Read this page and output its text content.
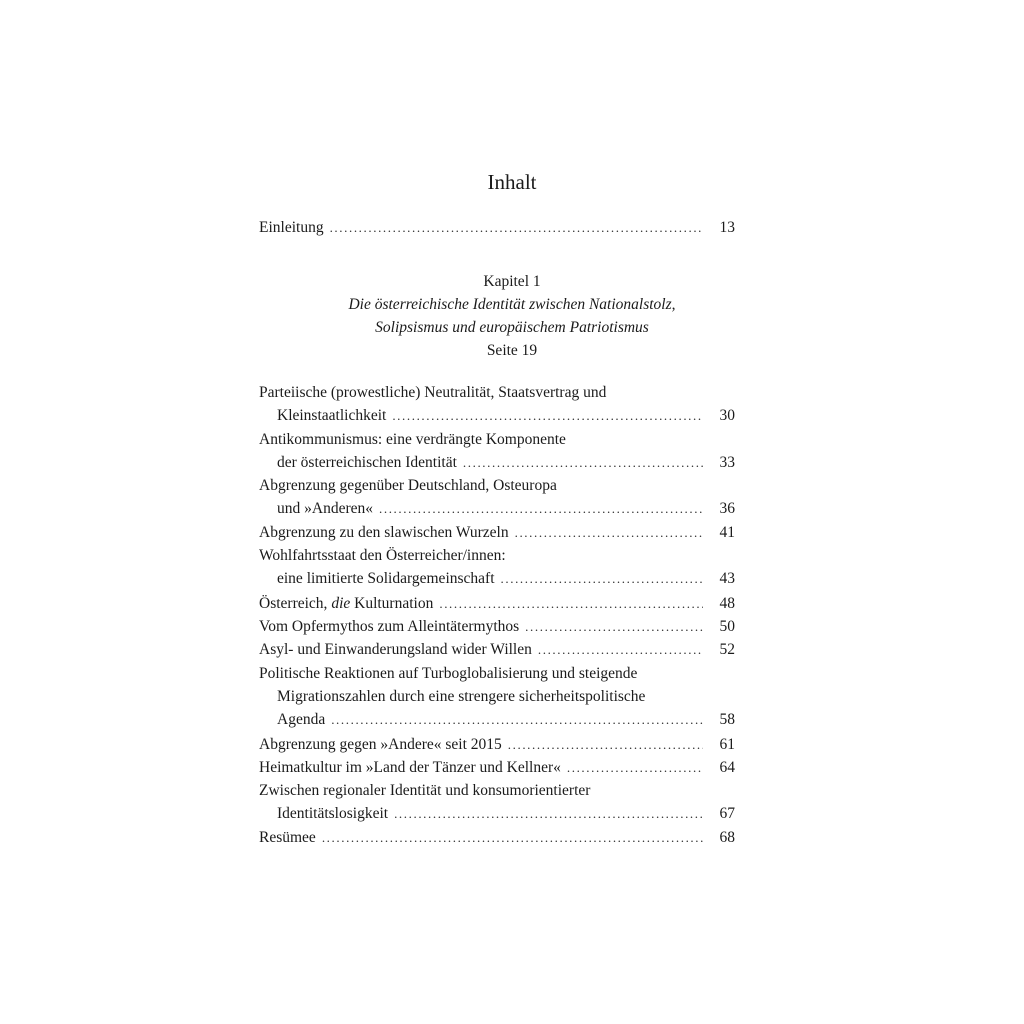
Inhalt
Einleitung .....	13
Kapitel 1
Die österreichische Identität zwischen Nationalstolz,
Solipsismus und europäischem Patriotismus
Seite 19
Parteiische (prowestliche) Neutralität, Staatsvertrag und
Kleinstaatlichkeit .....	30
Antikommunismus: eine verdrängte Komponente
der österreichischen Identität .....	33
Abgrenzung gegenüber Deutschland, Osteuropa
und »Anderen« .....	36
Abgrenzung zu den slawischen Wurzeln .....	41
Wohlfahrtsstaat den Österreicher/innen:
eine limitierte Solidargemeinschaft .....	43
Österreich, die Kulturnation .....	48
Vom Opfermythos zum Alleintätermythos .....	50
Asyl- und Einwanderungsland wider Willen .....	52
Politische Reaktionen auf Turboglobalisierung und steigende
Migrationszahlen durch eine strengere sicherheitspolitische
Agenda .....	58
Abgrenzung gegen »Andere« seit 2015 .....	61
Heimatkultur im »Land der Tänzer und Kellner« .....	64
Zwischen regionaler Identität und konsumorientierter
Identitätslosigkeit .....	67
Resümee .....	68
